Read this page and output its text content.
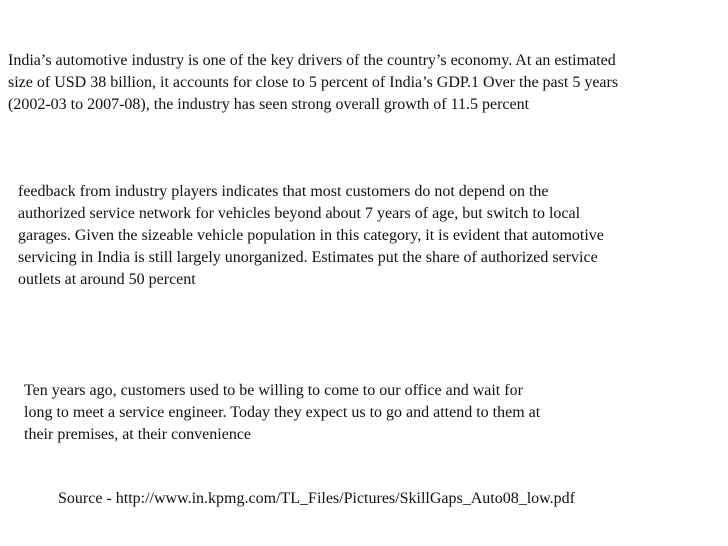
India’s automotive industry is one of the key drivers of the country’s economy. At an estimated
size of USD 38 billion, it accounts for close to 5 percent of India’s GDP.1 Over the past 5 years
(2002-03 to 2007-08), the industry has seen strong overall growth of 11.5 percent
feedback from industry players indicates that most customers do not depend on the
authorized service network for vehicles beyond about 7 years of age, but switch to local
garages. Given the sizeable vehicle population in this category, it is evident that automotive
servicing in India is still largely unorganized. Estimates put the share of authorized service
outlets at around 50 percent
Ten years ago, customers used to be willing to come to our office and wait for
long to meet a service engineer. Today they expect us to go and attend to them at
their premises, at their convenience
Source - http://www.in.kpmg.com/TL_Files/Pictures/SkillGaps_Auto08_low.pdf
